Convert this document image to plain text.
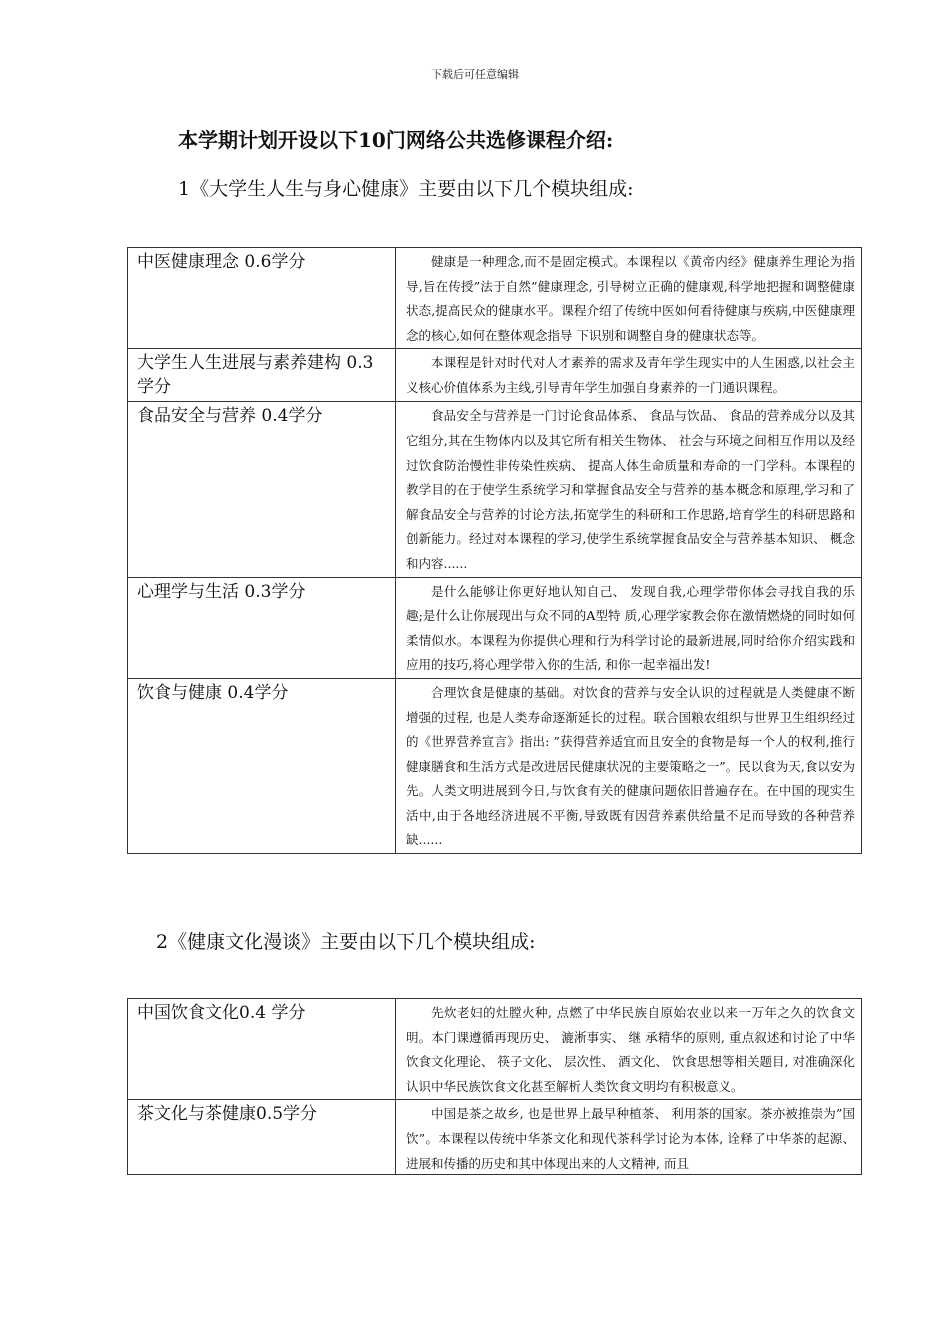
下载后可任意编辑
本学期计划开设以下10门网络公共选修课程介绍:
1《大学生人生与身心健康》主要由以下几个模块组成:
中医健康理念 0.6学分	健康是一种理念,而不是固定模式。本课程以《黄帝内经》健康养生理论为指导,旨在传授”法于自然”健康理念, 引导树立正确的健康观,科学地把握和调整健康状态,提高民众的健康水平。课程介绍了传统中医如何看待健康与疾病,中医健康理念的核心,如何在整体观念指导 下识别和调整自身的健康状态等。
大学生人生进展与素养建构 0.3 学分	本课程是针对时代对人才素养的需求及青年学生现实中的人生困惑,以社会主义核心价值体系为主线,引导青年学生加强自身素养的一门通识课程。
食品安全与营养 0.4学分	食品安全与营养是一门讨论食品体系、 食品与饮品、 食品的营养成分以及其它组分,其在生物体内以及其它所有相关生物体、 社会与环境之间相互作用以及经过饮食防治慢性非传染性疾病、 提高人体生命质量和寿命的一门学科。本课程的教学目的在于使学生系统学习和掌握食品安全与营养的基本概念和原理,学习和了解食品安全与营养的讨论方法,拓宽学生的科研和工作思路,培育学生的科研思路和创新能力。经过对本课程的学习,使学生系统掌握食品安全与营养基本知识、 概念和内容......
心理学与生活 0.3学分	是什么能够让你更好地认知自己、 发现自我,心理学带你体会寻找自我的乐趣;是什么让你展现出与众不同的A型特 质,心理学家教会你在激情燃烧的同时如何柔情似水。本课程为你提供心理和行为科学讨论的最新进展,同时给你介绍实践和应用的技巧,将心理学带入你的生活, 和你一起幸福出发!
饮食与健康 0.4学分	合理饮食是健康的基础。对饮食的营养与安全认识的过程就是人类健康不断增强的过程, 也是人类寿命逐渐延长的过程。联合国粮农组织与世界卫生组织经过的《世界营养宣言》指出: ”获得营养适宜而且安全的食物是每一个人的权利,推行健康膳食和生活方式是改进居民健康状况的主要策略之一”。民以食为天,食以安为先。人类文明进展到今日,与饮食有关的健康问题依旧普遍存在。在中国的现实生活中,由于各地经济进展不平衡,导致既有因营养素供给量不足而导致的各种营养缺......
2《健康文化漫谈》主要由以下几个模块组成:
中国饮食文化0.4 学分	先炊老妇的灶膛火种, 点燃了中华民族自原始农业以来一万年之久的饮食文明。本门课遵循再现历史、 漉淅事实、 继 承精华的原则, 重点叙述和讨论了中华饮食文化理论、 筷子文化、 层次性、 酒文化、 饮食思想等相关题目, 对准确深化认识中华民族饮食文化甚至解析人类饮食文明均有积极意义。
茶文化与茶健康0.5学分	中国是茶之故乡, 也是世界上最早种植茶、 利用茶的国家。茶亦被推崇为”国饮”。本课程以传统中华茶文化和现代茶科学讨论为本体, 诠释了中华茶的起源、 进展和传播的历史和其中体现出来的人文精神, 而且
